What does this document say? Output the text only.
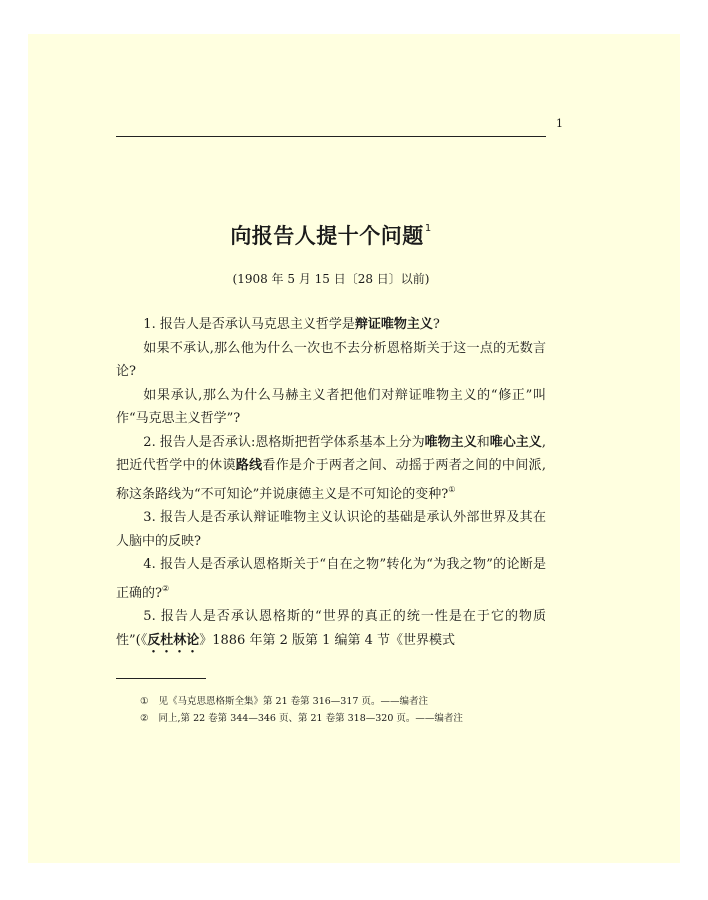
1
向报告人提十个问题$^1$
(1908 年 5 月 15 日〔28 日〕以前)

1. 报告人是否承认马克思主义哲学是辩证唯物主义?

如果不承认,那么他为什么一次也不去分析恩格斯关于这一点的无数言论?

如果承认,那么为什么马赫主义者把他们对辩证唯物主义的“修正”叫作“马克思主义哲学”?

2. 报告人是否承认:恩格斯把哲学体系基本上分为唯物主义和唯心主义,把近代哲学中的休谟路线看作是介于两者之间、动摇于两者之间的中间派,称这条路线为“不可知论”并说康德主义是不可知论的变种?①

3. 报告人是否承认辩证唯物主义认识论的基础是承认外部世界及其在人脑中的反映?

4. 报告人是否承认恩格斯关于“自在之物”转化为“为我之物”的论断是正确的?②

5. 报告人是否承认恩格斯的“世界的真正的统一性是在于它的物质性”(《反杜林论》1886 年第 2 版第 1 编第 4 节《世界模式

① 见《马克思恩格斯全集》第 21 卷第 316—317 页。——编者注
② 同上,第 22 卷第 344—346 页、第 21 卷第 318—320 页。——编者注
